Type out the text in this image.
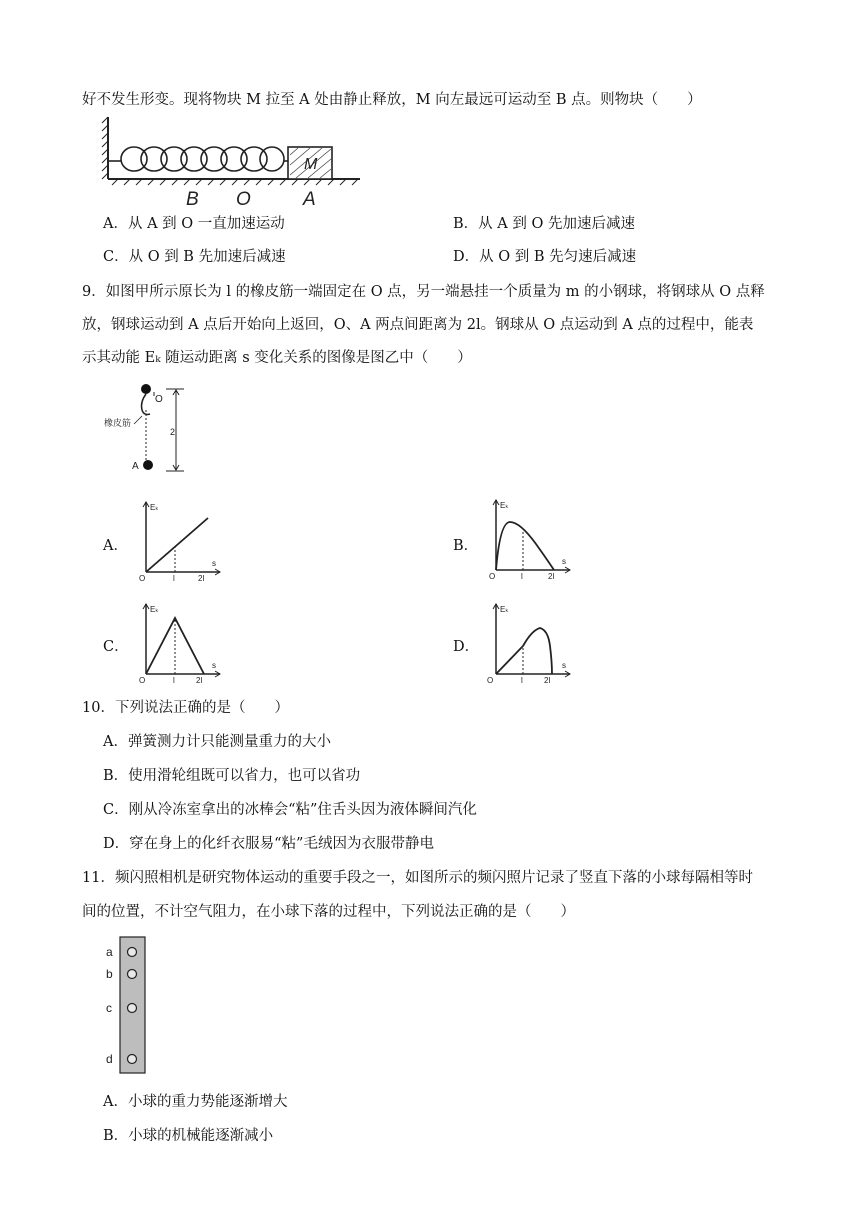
好不发生形变。现将物块 M 拉至 A 处由静止释放，M 向左最远可运动至 B 点。则物块（　　）
M
B O	A
A．从 A 到 O 一直加速运动	B．从 A 到 O 先加速后减速
C．从 O 到 B 先加速后减速	D．从 O 到 B 先匀速后减速
9．如图甲所示原长为 l 的橡皮筋一端固定在 O 点，另一端悬挂一个质量为 m 的小钢球，将钢球从 O 点释
放，钢球运动到 A 点后开始向上返回，O、A 两点间距离为 2l。钢球从 O 点运动到 A 点的过程中，能表
示其动能 Eₖ 随运动距离 s 变化关系的图像是图乙中（　　）
O
橡皮筋
A
2l
A．
Eₖ
s
O	l	2l
B．
Eₖ
s
O	l	2l
C．
Eₖ
s
O	l	2l
D．
Eₖ
s
O	l	2l
10．下列说法正确的是（　　）
A．弹簧测力计只能测量重力的大小
B．使用滑轮组既可以省力，也可以省功
C．刚从冷冻室拿出的冰棒会“粘”住舌头因为液体瞬间汽化
D．穿在身上的化纤衣服易“粘”毛绒因为衣服带静电
11．频闪照相机是研究物体运动的重要手段之一，如图所示的频闪照片记录了竖直下落的小球每隔相等时
间的位置，不计空气阻力，在小球下落的过程中，下列说法正确的是（　　）
a
b
c
d
A．小球的重力势能逐渐增大
B．小球的机械能逐渐减小
